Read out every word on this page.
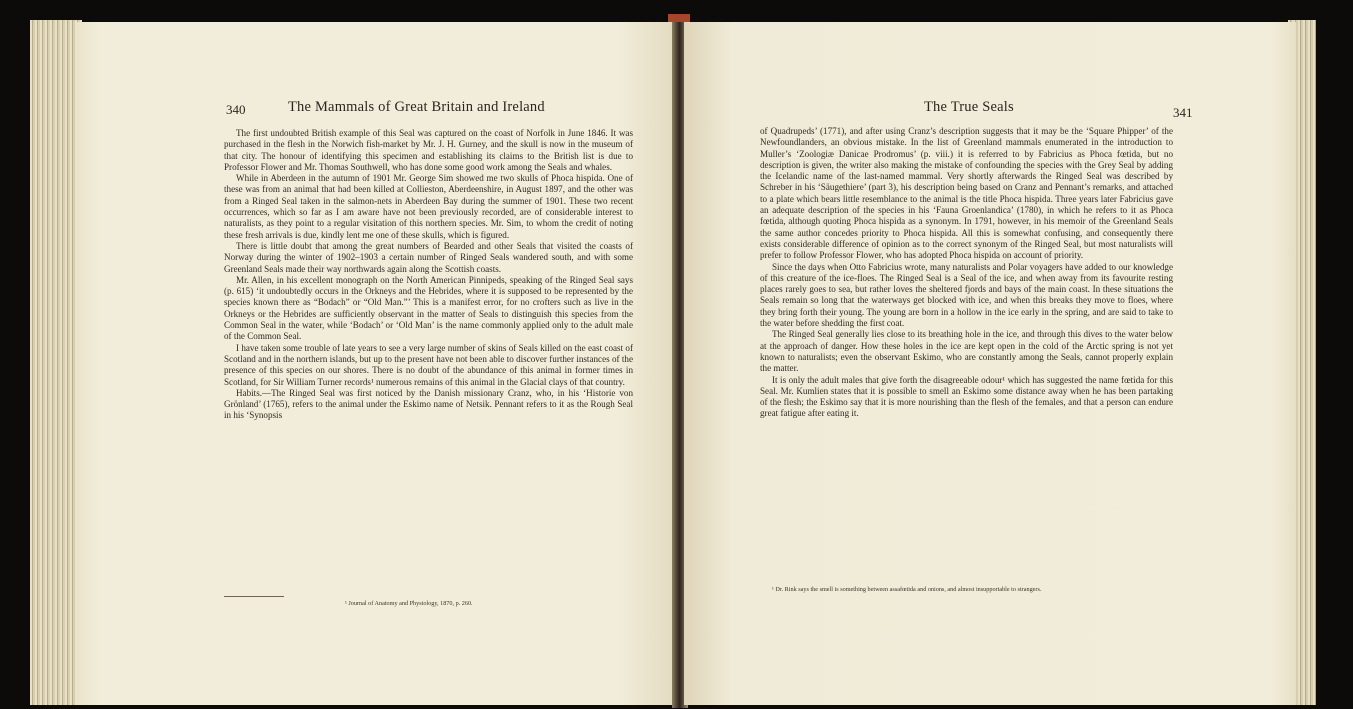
340	The Mammals of Great Britain and Ireland

The first undoubted British example of this Seal was captured on the coast of Norfolk in June 1846. It was purchased in the flesh in the Norwich fish-market by Mr. J. H. Gurney, and the skull is now in the museum of that city. The honour of identifying this specimen and establishing its claims to the British list is due to Professor Flower and Mr. Thomas Southwell, who has done some good work among the Seals and whales.

While in Aberdeen in the autumn of 1901 Mr. George Sim showed me two skulls of Phoca hispida. One of these was from an animal that had been killed at Collieston, Aberdeenshire, in August 1897, and the other was from a Ringed Seal taken in the salmon-nets in Aberdeen Bay during the summer of 1901. These two recent occurrences, which so far as I am aware have not been previously recorded, are of considerable interest to naturalists, as they point to a regular visitation of this northern species. Mr. Sim, to whom the credit of noting these fresh arrivals is due, kindly lent me one of these skulls, which is figured.

There is little doubt that among the great numbers of Bearded and other Seals that visited the coasts of Norway during the winter of 1902–1903 a certain number of Ringed Seals wandered south, and with some Greenland Seals made their way northwards again along the Scottish coasts.

Mr. Allen, in his excellent monograph on the North American Pinnipeds, speaking of the Ringed Seal says (p. 615) ‘it undoubtedly occurs in the Orkneys and the Hebrides, where it is supposed to be represented by the species known there as “Bodach” or “Old Man.”’ This is a manifest error, for no crofters such as live in the Orkneys or the Hebrides are sufficiently observant in the matter of Seals to distinguish this species from the Common Seal in the water, while ‘Bodach’ or ‘Old Man’ is the name commonly applied only to the adult male of the Common Seal.

I have taken some trouble of late years to see a very large number of skins of Seals killed on the east coast of Scotland and in the northern islands, but up to the present have not been able to discover further instances of the presence of this species on our shores. There is no doubt of the abundance of this animal in former times in Scotland, for Sir William Turner records¹ numerous remains of this animal in the Glacial clays of that country.

Habits.—The Ringed Seal was first noticed by the Danish missionary Cranz, who, in his ‘Historie von Grönland’ (1765), refers to the animal under the Eskimo name of Netsik. Pennant refers to it as the Rough Seal in his ‘Synopsis

¹ Journal of Anatomy and Physiology, 1870, p. 260.
The True Seals	341

of Quadrupeds’ (1771), and after using Cranz’s description suggests that it may be the ‘Square Phipper’ of the Newfoundlanders, an obvious mistake. In the list of Greenland mammals enumerated in the introduction to Muller’s ‘Zoologiæ Danicae Prodromus’ (p. viii.) it is referred to by Fabricius as Phoca fœtida, but no description is given, the writer also making the mistake of confounding the species with the Grey Seal by adding the Icelandic name of the last-named mammal. Very shortly afterwards the Ringed Seal was described by Schreber in his ‘Säugethiere’ (part 3), his description being based on Cranz and Pennant’s remarks, and attached to a plate which bears little resemblance to the animal is the title Phoca hispida. Three years later Fabricius gave an adequate description of the species in his ‘Fauna Groenlandica’ (1780), in which he refers to it as Phoca fœtida, although quoting Phoca hispida as a synonym. In 1791, however, in his memoir of the Greenland Seals the same author concedes priority to Phoca hispida. All this is somewhat confusing, and consequently there exists considerable difference of opinion as to the correct synonym of the Ringed Seal, but most naturalists will prefer to follow Professor Flower, who has adopted Phoca hispida on account of priority.

Since the days when Otto Fabricius wrote, many naturalists and Polar voyagers have added to our knowledge of this creature of the ice-floes. The Ringed Seal is a Seal of the ice, and when away from its favourite resting places rarely goes to sea, but rather loves the sheltered fjords and bays of the main coast. In these situations the Seals remain so long that the waterways get blocked with ice, and when this breaks they move to floes, where they bring forth their young. The young are born in a hollow in the ice early in the spring, and are said to take to the water before shedding the first coat.

The Ringed Seal generally lies close to its breathing hole in the ice, and through this dives to the water below at the approach of danger. How these holes in the ice are kept open in the cold of the Arctic spring is not yet known to naturalists; even the observant Eskimo, who are constantly among the Seals, cannot properly explain the matter.

It is only the adult males that give forth the disagreeable odour¹ which has suggested the name fœtida for this Seal. Mr. Kumlien states that it is possible to smell an Eskimo some distance away when he has been partaking of the flesh; the Eskimo say that it is more nourishing than the flesh of the females, and that a person can endure great fatigue after eating it.

¹ Dr. Rink says the smell is something between assafœtida and onions, and almost insupportable to strangers.
